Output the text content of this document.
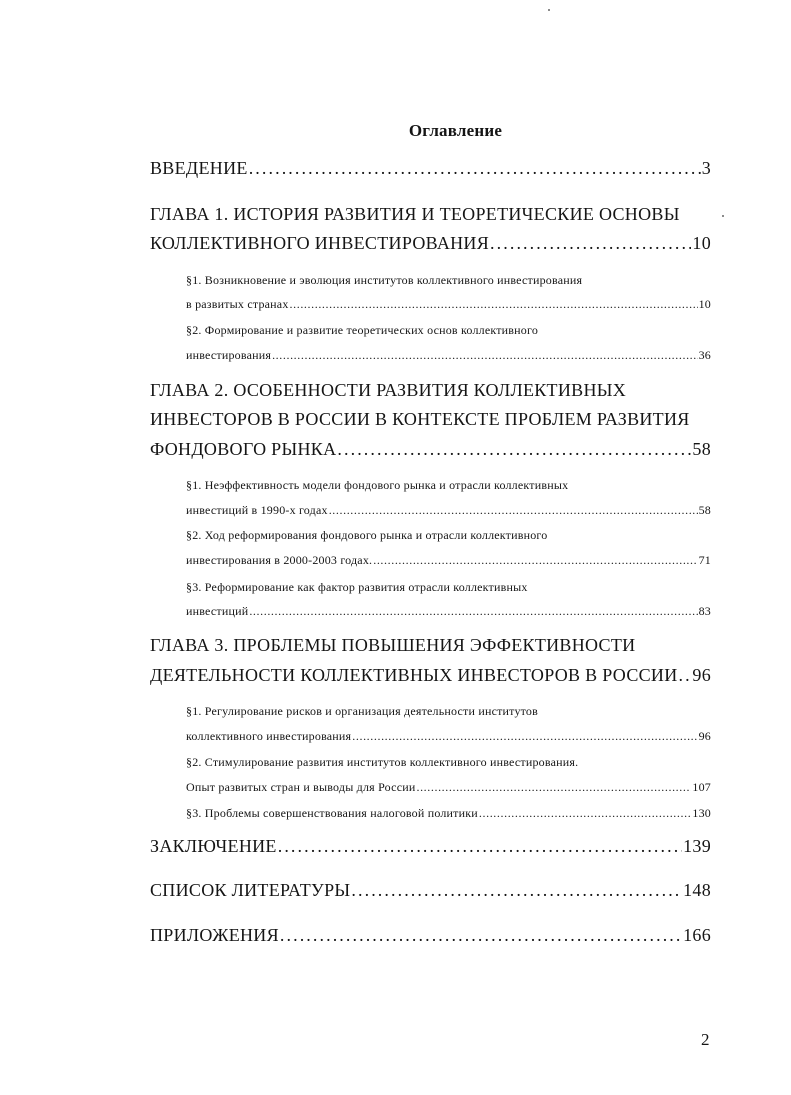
Оглавление
ВВЕДЕНИЕ . . .	3
ГЛАВА 1. ИСТОРИЯ РАЗВИТИЯ И ТЕОРЕТИЧЕСКИЕ ОСНОВЫ
КОЛЛЕКТИВНОГО ИНВЕСТИРОВАНИЯ . . .	10
§1. Возникновение и эволюция институтов коллективного инвестирования
в развитых странах . . .	10
§2. Формирование и развитие теоретических основ коллективного
инвестирования . . .	36
ГЛАВА 2. ОСОБЕННОСТИ РАЗВИТИЯ КОЛЛЕКТИВНЫХ
ИНВЕСТОРОВ В РОССИИ В КОНТЕКСТЕ ПРОБЛЕМ РАЗВИТИЯ
ФОНДОВОГО РЫНКА . . .	58
§1. Неэффективность модели фондового рынка и отрасли коллективных
инвестиций в 1990-х годах . . .	58
§2. Ход реформирования фондового рынка и отрасли коллективного
инвестирования в 2000-2003 годах. . . .	71
§3. Реформирование как фактор развития отрасли коллективных
инвестиций . . .	83
ГЛАВА 3. ПРОБЛЕМЫ ПОВЫШЕНИЯ ЭФФЕКТИВНОСТИ
ДЕЯТЕЛЬНОСТИ КОЛЛЕКТИВНЫХ ИНВЕСТОРОВ В РОССИИ . . . 96
§1. Регулирование рисков и организация деятельности институтов
коллективного инвестирования . . .	96
§2. Стимулирование развития институтов коллективного инвестирования.
Опыт развитых стран и выводы для России . . .	107
§3. Проблемы совершенствования налоговой политики . . .	130
ЗАКЛЮЧЕНИЕ . . .	139
СПИСОК ЛИТЕРАТУРЫ . . .	148
ПРИЛОЖЕНИЯ . . .	166
2
